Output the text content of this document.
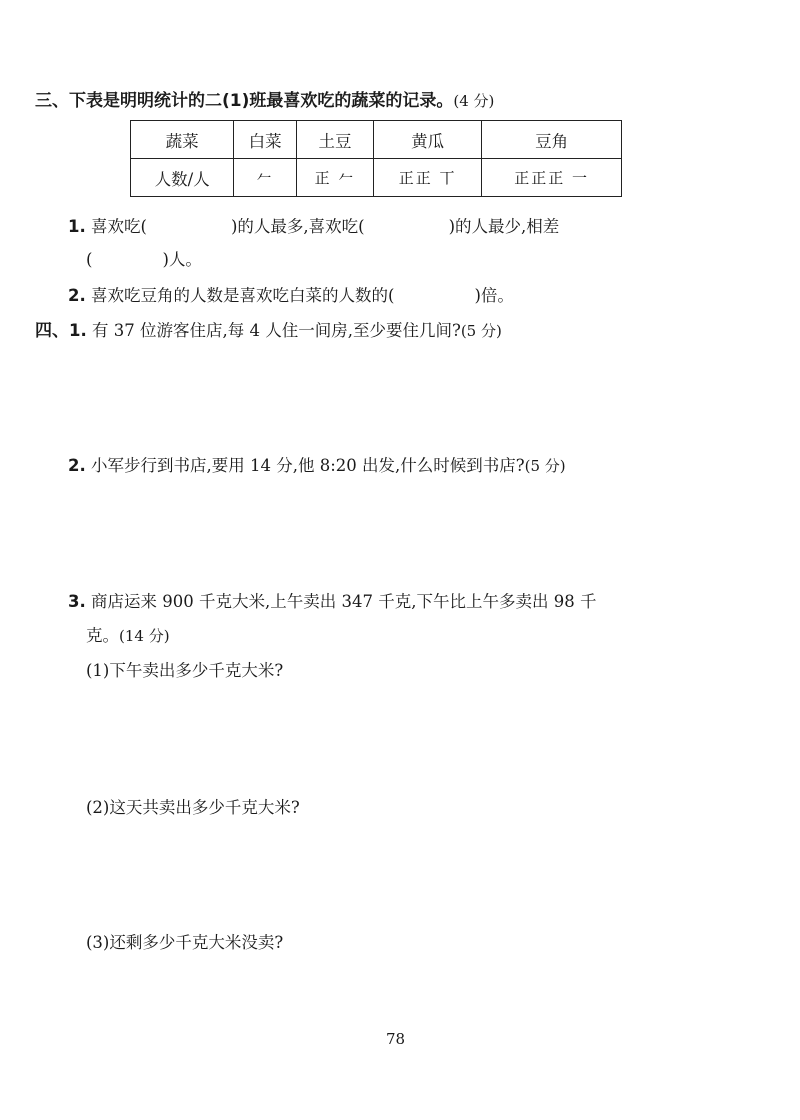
三、下表是明明统计的二(1)班最喜欢吃的蔬菜的记录。(4 分)
蔬菜	白菜	土豆	黄瓜	豆角
人数/人	𠂉	正 𠂉	正正 丅	正正正 一
1. 喜欢吃(	)的人最多,喜欢吃(	)的人最少,相差
(	)人。
2. 喜欢吃豆角的人数是喜欢吃白菜的人数的(	)倍。
四、1. 有 37 位游客住店,每 4 人住一间房,至少要住几间?(5 分)
2. 小军步行到书店,要用 14 分,他 8:20 出发,什么时候到书店?(5 分)
3. 商店运来 900 千克大米,上午卖出 347 千克,下午比上午多卖出 98 千
克。(14 分)
(1)下午卖出多少千克大米?
(2)这天共卖出多少千克大米?
(3)还剩多少千克大米没卖?
78
